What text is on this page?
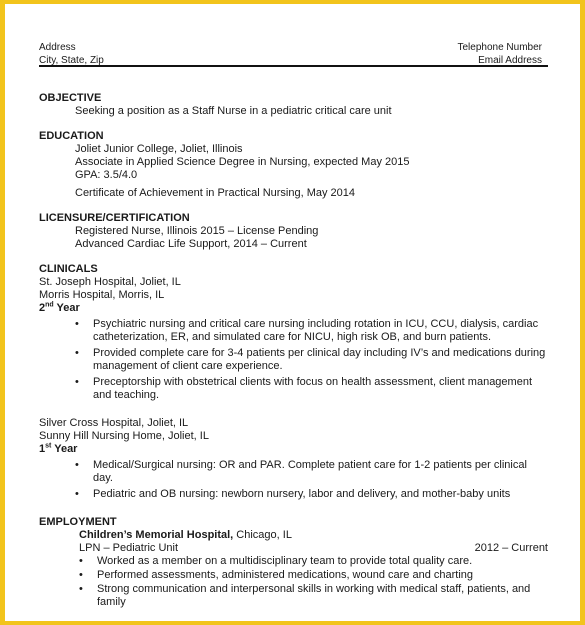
Address
City, State, Zip
Telephone Number
Email Address
OBJECTIVE
Seeking a position as a Staff Nurse in a pediatric critical care unit
EDUCATION
Joliet Junior College, Joliet, Illinois
Associate in Applied Science Degree in Nursing, expected May 2015
GPA: 3.5/4.0
Certificate of Achievement in Practical Nursing, May 2014
LICENSURE/CERTIFICATION
Registered Nurse, Illinois 2015 – License Pending
Advanced Cardiac Life Support, 2014 – Current
CLINICALS
St. Joseph Hospital, Joliet, IL
Morris Hospital, Morris, IL
2nd Year
• Psychiatric nursing and critical care nursing including rotation in ICU, CCU, dialysis, cardiac catheterization, ER, and simulated care for NICU, high risk OB, and burn patients.
• Provided complete care for 3-4 patients per clinical day including IV’s and medications during management of client care experience.
• Preceptorship with obstetrical clients with focus on health assessment, client management and teaching.
Silver Cross Hospital, Joliet, IL
Sunny Hill Nursing Home, Joliet, IL
1st Year
• Medical/Surgical nursing: OR and PAR. Complete patient care for 1-2 patients per clinical day.
• Pediatric and OB nursing: newborn nursery, labor and delivery, and mother-baby units
EMPLOYMENT
Children’s Memorial Hospital, Chicago, IL
LPN – Pediatric Unit	2012 – Current
• Worked as a member on a multidisciplinary team to provide total quality care.
• Performed assessments, administered medications, wound care and charting
• Strong communication and interpersonal skills in working with medical staff, patients, and family
